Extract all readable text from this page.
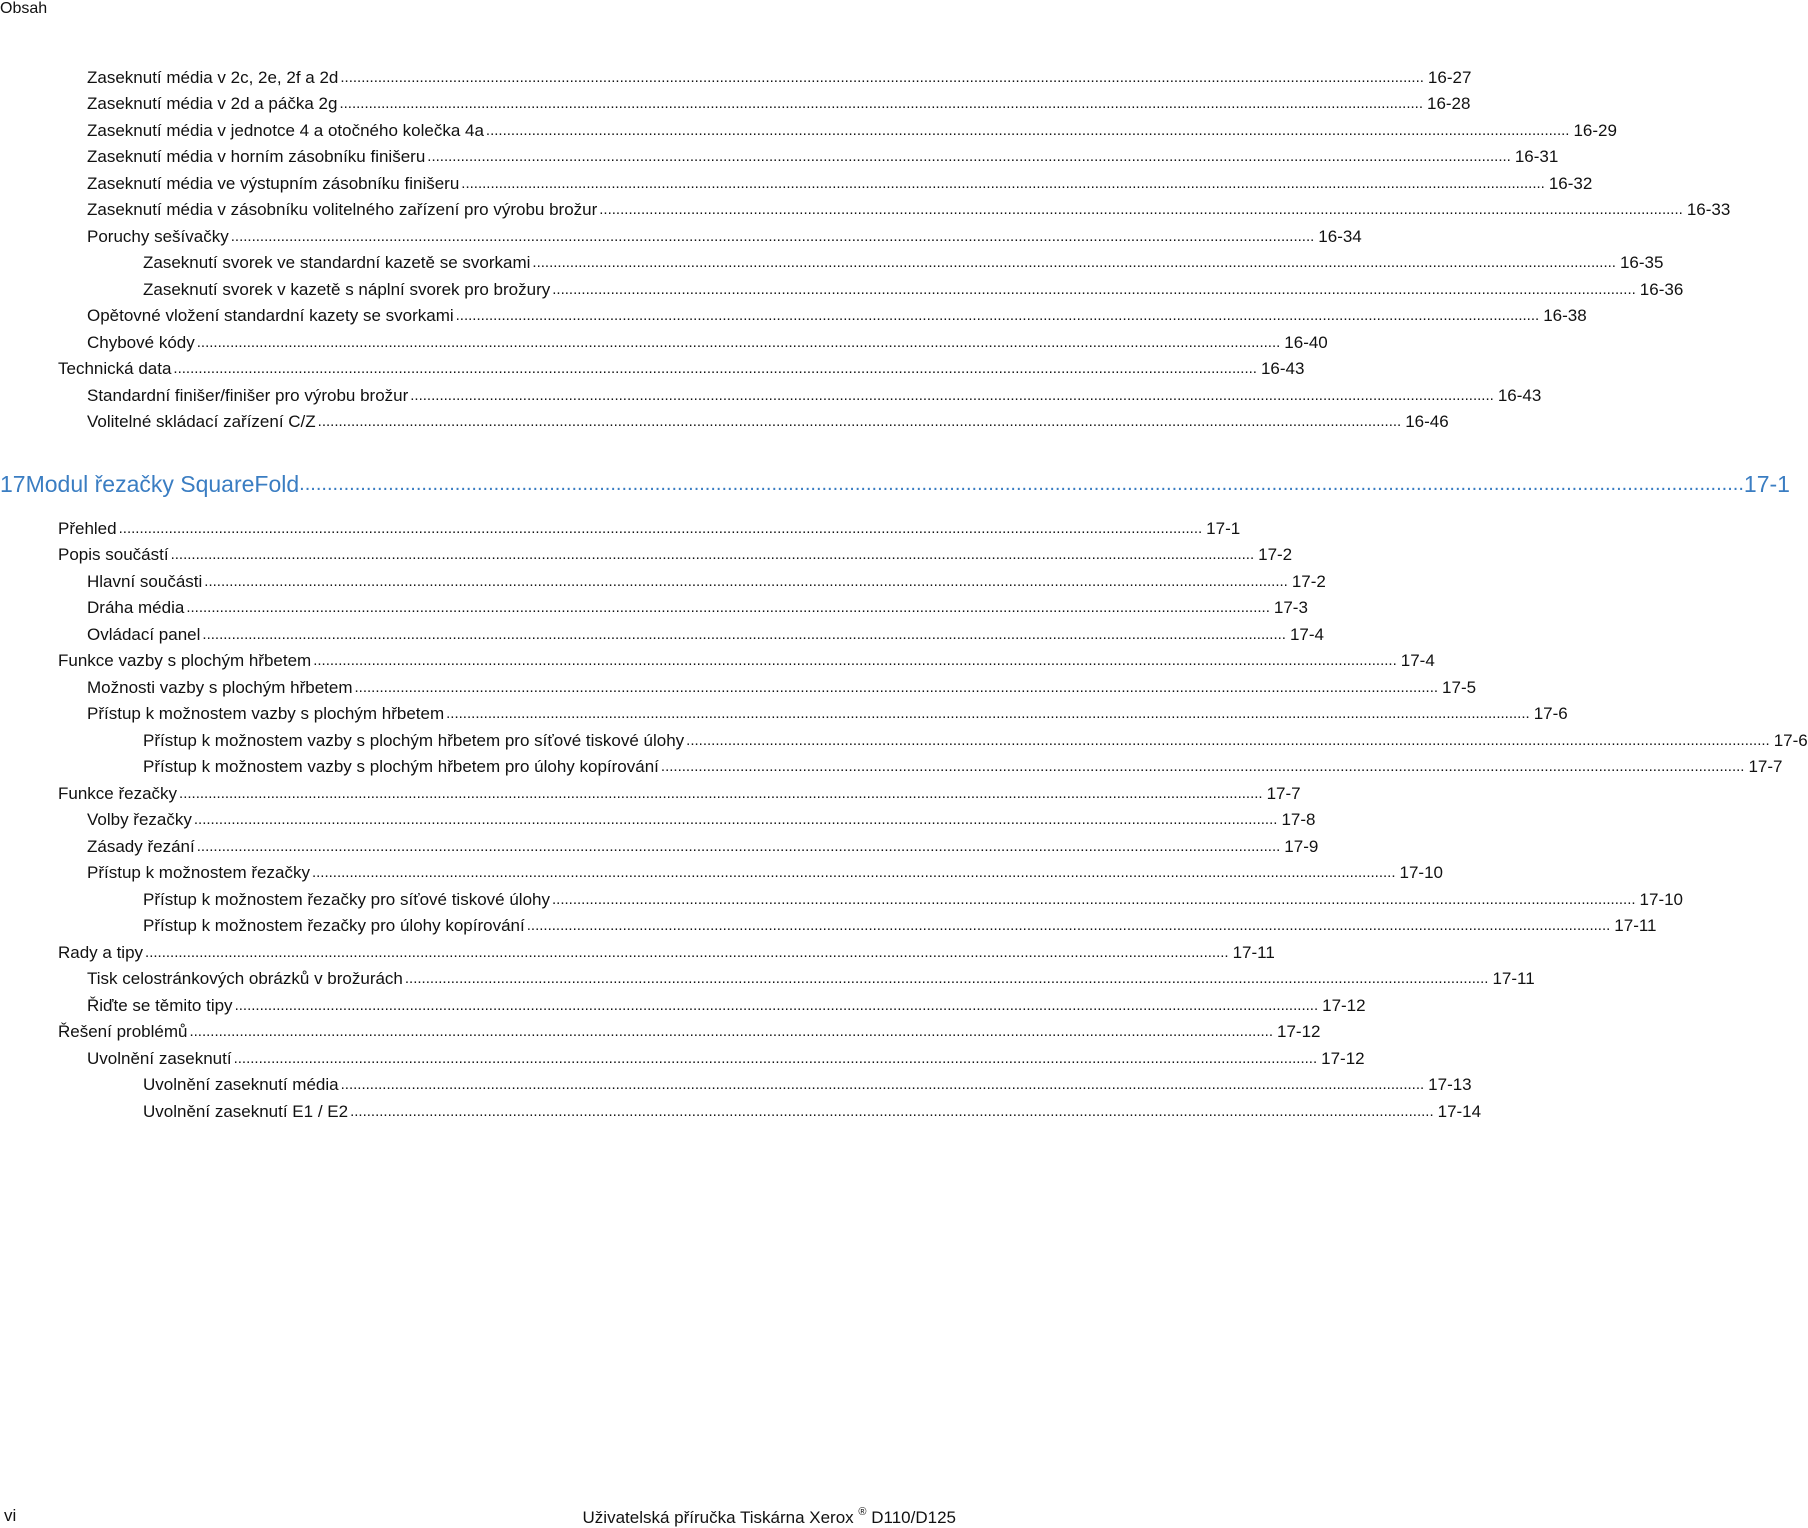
Obsah
Zaseknutí média v 2c, 2e, 2f a 2d .................................................................................................................................................................................................................................................................... 16-27
Zaseknutí média v 2d a páčka 2g .................................................................................................................................................................................................................................................................... 16-28
Zaseknutí média v jednotce 4 a otočného kolečka 4a .................................................................................................................................................................................................................................................................... 16-29
Zaseknutí média v horním zásobníku finišeru .................................................................................................................................................................................................................................................................... 16-31
Zaseknutí média ve výstupním zásobníku finišeru .................................................................................................................................................................................................................................................................... 16-32
Zaseknutí média v zásobníku volitelného zařízení pro výrobu brožur .................................................................................................................................................................................................................................................................... 16-33
Poruchy sešívačky .................................................................................................................................................................................................................................................................... 16-34
Zaseknutí svorek ve standardní kazetě se svorkami .................................................................................................................................................................................................................................................................... 16-35
Zaseknutí svorek v kazetě s náplní svorek pro brožury .................................................................................................................................................................................................................................................................... 16-36
Opětovné vložení standardní kazety se svorkami .................................................................................................................................................................................................................................................................... 16-38
Chybové kódy .................................................................................................................................................................................................................................................................... 16-40
Technická data .................................................................................................................................................................................................................................................................... 16-43
Standardní finišer/finišer pro výrobu brožur .................................................................................................................................................................................................................................................................... 16-43
Volitelné skládací zařízení C/Z .................................................................................................................................................................................................................................................................... 16-46
17 Modul řezačky SquareFold .................................................................................................................................................................................................................................................................... 17-1
Přehled .................................................................................................................................................................................................................................................................... 17-1
Popis součástí .................................................................................................................................................................................................................................................................... 17-2
Hlavní součásti .................................................................................................................................................................................................................................................................... 17-2
Dráha média .................................................................................................................................................................................................................................................................... 17-3
Ovládací panel .................................................................................................................................................................................................................................................................... 17-4
Funkce vazby s plochým hřbetem .................................................................................................................................................................................................................................................................... 17-4
Možnosti vazby s plochým hřbetem .................................................................................................................................................................................................................................................................... 17-5
Přístup k možnostem vazby s plochým hřbetem .................................................................................................................................................................................................................................................................... 17-6
Přístup k možnostem vazby s plochým hřbetem pro síťové tiskové úlohy .................................................................................................................................................................................................................................................................... 17-6
Přístup k možnostem vazby s plochým hřbetem pro úlohy kopírování .................................................................................................................................................................................................................................................................... 17-7
Funkce řezačky .................................................................................................................................................................................................................................................................... 17-7
Volby řezačky .................................................................................................................................................................................................................................................................... 17-8
Zásady řezání .................................................................................................................................................................................................................................................................... 17-9
Přístup k možnostem řezačky .................................................................................................................................................................................................................................................................... 17-10
Přístup k možnostem řezačky pro síťové tiskové úlohy .................................................................................................................................................................................................................................................................... 17-10
Přístup k možnostem řezačky pro úlohy kopírování .................................................................................................................................................................................................................................................................... 17-11
Rady a tipy .................................................................................................................................................................................................................................................................... 17-11
Tisk celostránkových obrázků v brožurách .................................................................................................................................................................................................................................................................... 17-11
Řiďte se těmito tipy .................................................................................................................................................................................................................................................................... 17-12
Řešení problémů .................................................................................................................................................................................................................................................................... 17-12
Uvolnění zaseknutí .................................................................................................................................................................................................................................................................... 17-12
Uvolnění zaseknutí média .................................................................................................................................................................................................................................................................... 17-13
Uvolnění zaseknutí E1 / E2 .................................................................................................................................................................................................................................................................... 17-14
vi	Uživatelská příručka Tiskárna Xerox ® D110/D125
